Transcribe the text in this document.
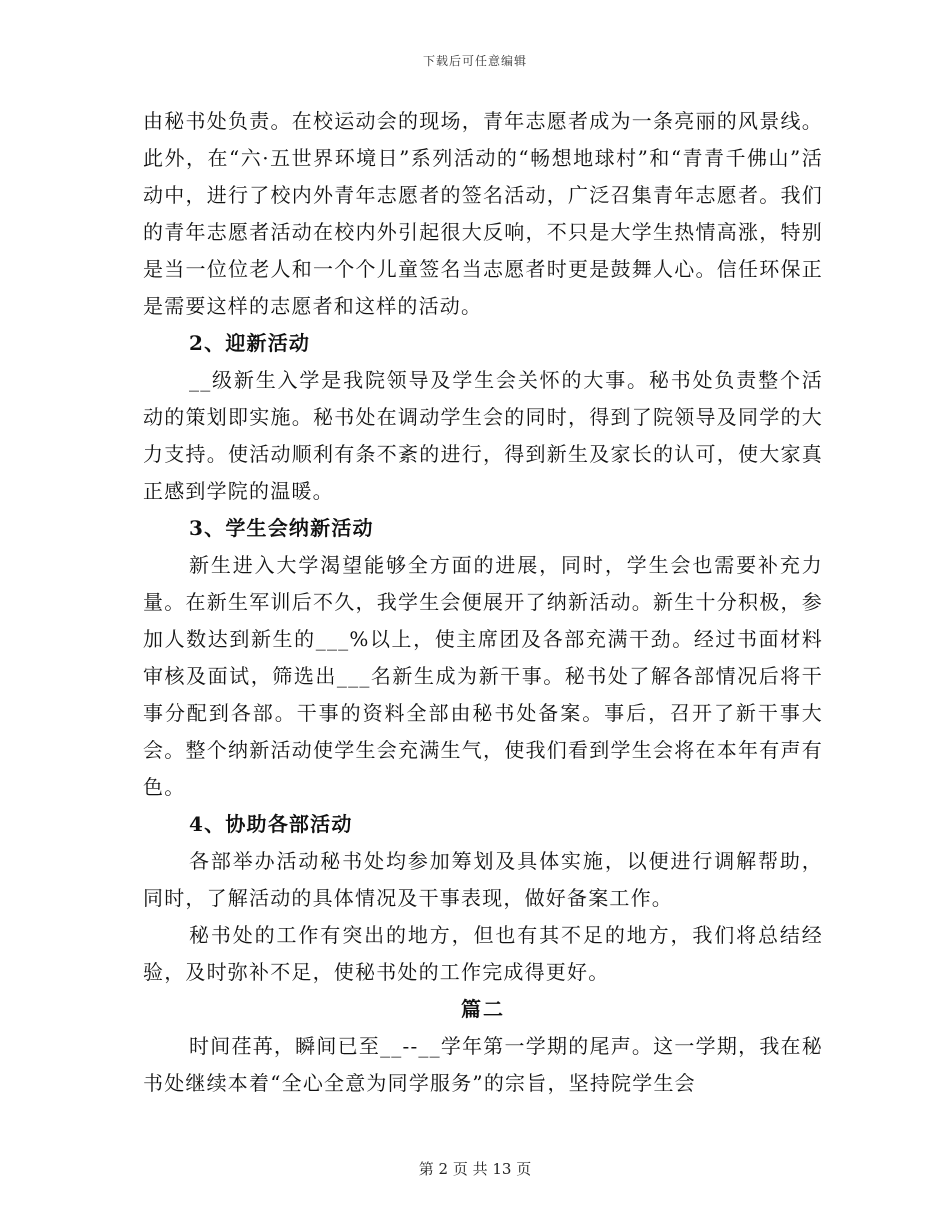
下载后可任意编辑

由秘书处负责。在校运动会的现场，青年志愿者成为一条亮丽的风景线。此外，在“六·五世界环境日”系列活动的“畅想地球村”和“青青千佛山”活动中，进行了校内外青年志愿者的签名活动，广泛召集青年志愿者。我们的青年志愿者活动在校内外引起很大反响，不只是大学生热情高涨，特别是当一位位老人和一个个儿童签名当志愿者时更是鼓舞人心。信任环保正是需要这样的志愿者和这样的活动。

2、迎新活动

__级新生入学是我院领导及学生会关怀的大事。秘书处负责整个活动的策划即实施。秘书处在调动学生会的同时，得到了院领导及同学的大力支持。使活动顺利有条不紊的进行，得到新生及家长的认可，使大家真正感到学院的温暖。

3、学生会纳新活动

新生进入大学渴望能够全方面的进展，同时，学生会也需要补充力量。在新生军训后不久，我学生会便展开了纳新活动。新生十分积极，参加人数达到新生的___%以上，使主席团及各部充满干劲。经过书面材料审核及面试，筛选出___名新生成为新干事。秘书处了解各部情况后将干事分配到各部。干事的资料全部由秘书处备案。事后，召开了新干事大会。整个纳新活动使学生会充满生气，使我们看到学生会将在本年有声有色。

4、协助各部活动

各部举办活动秘书处均参加筹划及具体实施，以便进行调解帮助，同时，了解活动的具体情况及干事表现，做好备案工作。

秘书处的工作有突出的地方，但也有其不足的地方，我们将总结经验，及时弥补不足，使秘书处的工作完成得更好。

篇二

时间荏苒，瞬间已至__--__学年第一学期的尾声。这一学期，我在秘书处继续本着“全心全意为同学服务”的宗旨，坚持院学生会

第 2 页 共 13 页
